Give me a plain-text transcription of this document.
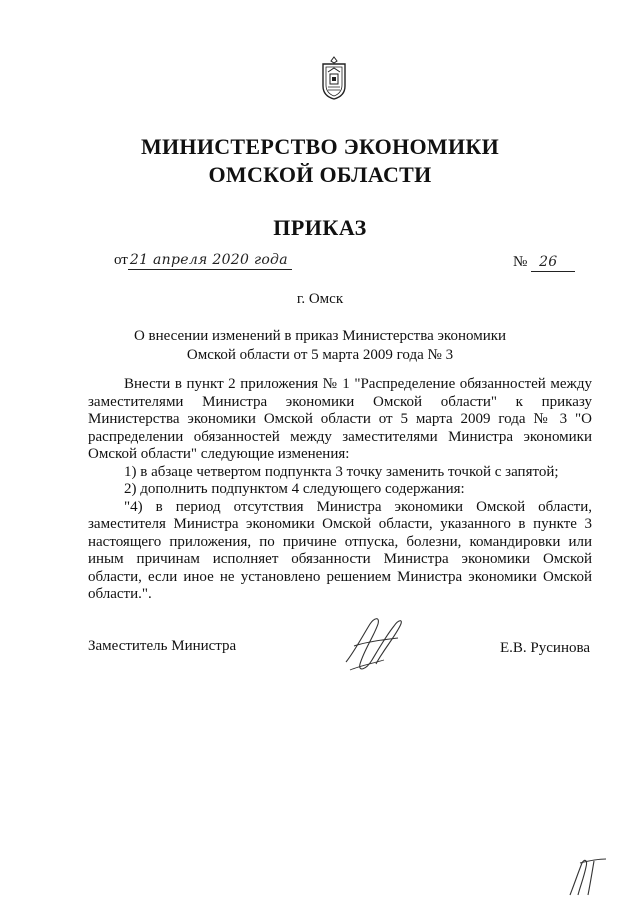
МИНИСТЕРСТВО ЭКОНОМИКИ
ОМСКОЙ ОБЛАСТИ
ПРИКАЗ
от 21 апреля 2020 года	№ 26
г. Омск
О внесении изменений в приказ Министерства экономики
Омской области от 5 марта 2009 года № 3

Внести в пункт 2 приложения № 1 "Распределение обязанностей между заместителями Министра экономики Омской области" к приказу Министерства экономики Омской области от 5 марта 2009 года № 3 "О распределении обязанностей между заместителями Министра экономики Омской области" следующие изменения:

1) в абзаце четвертом подпункта 3 точку заменить точкой с запятой;

2) дополнить подпунктом 4 следующего содержания:

"4) в период отсутствия Министра экономики Омской области, заместителя Министра экономики Омской области, указанного в пункте 3 настоящего приложения, по причине отпуска, болезни, командировки или иным причинам исполняет обязанности Министра экономики Омской области, если иное не установлено решением Министра экономики Омской области.".

Заместитель Министра	Е.В. Русинова
